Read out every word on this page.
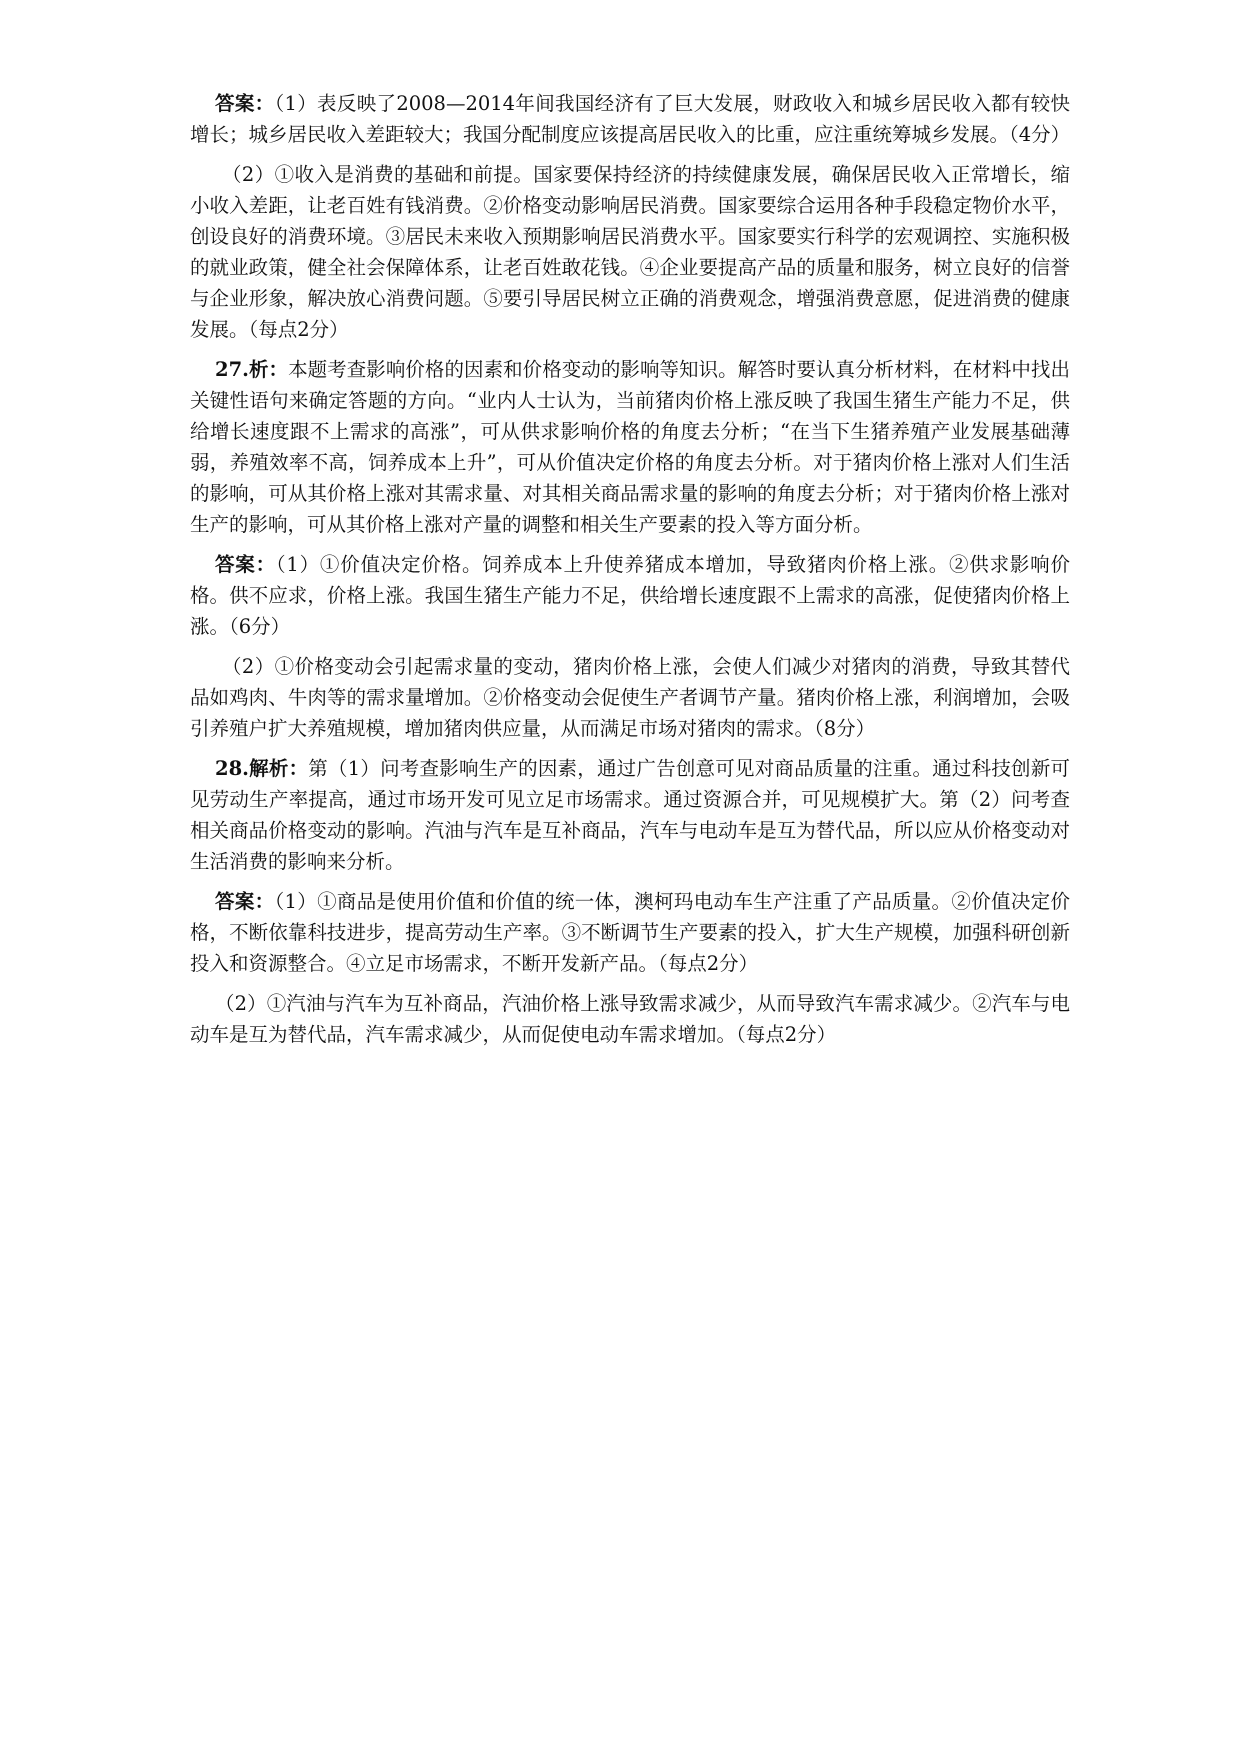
答案：（1）表反映了2008—2014年间我国经济有了巨大发展，财政收入和城乡居民收入都有较快增长；城乡居民收入差距较大；我国分配制度应该提高居民收入的比重，应注重统筹城乡发展。（4分）

（2）①收入是消费的基础和前提。国家要保持经济的持续健康发展，确保居民收入正常增长，缩小收入差距，让老百姓有钱消费。②价格变动影响居民消费。国家要综合运用各种手段稳定物价水平，创设良好的消费环境。③居民未来收入预期影响居民消费水平。国家要实行科学的宏观调控、实施积极的就业政策，健全社会保障体系，让老百姓敢花钱。④企业要提高产品的质量和服务，树立良好的信誉与企业形象，解决放心消费问题。⑤要引导居民树立正确的消费观念，增强消费意愿，促进消费的健康发展。（每点2分）

27.析：本题考查影响价格的因素和价格变动的影响等知识。解答时要认真分析材料，在材料中找出关键性语句来确定答题的方向。“业内人士认为，当前猪肉价格上涨反映了我国生猪生产能力不足，供给增长速度跟不上需求的高涨”，可从供求影响价格的角度去分析；“在当下生猪养殖产业发展基础薄弱，养殖效率不高，饲养成本上升”，可从价值决定价格的角度去分析。对于猪肉价格上涨对人们生活的影响，可从其价格上涨对其需求量、对其相关商品需求量的影响的角度去分析；对于猪肉价格上涨对生产的影响，可从其价格上涨对产量的调整和相关生产要素的投入等方面分析。

答案：（1）①价值决定价格。饲养成本上升使养猪成本增加，导致猪肉价格上涨。②供求影响价格。供不应求，价格上涨。我国生猪生产能力不足，供给增长速度跟不上需求的高涨，促使猪肉价格上涨。（6分）

（2）①价格变动会引起需求量的变动，猪肉价格上涨，会使人们减少对猪肉的消费，导致其替代品如鸡肉、牛肉等的需求量增加。②价格变动会促使生产者调节产量。猪肉价格上涨，利润增加，会吸引养殖户扩大养殖规模，增加猪肉供应量，从而满足市场对猪肉的需求。（8分）

28.解析：第（1）问考查影响生产的因素，通过广告创意可见对商品质量的注重。通过科技创新可见劳动生产率提高，通过市场开发可见立足市场需求。通过资源合并，可见规模扩大。第（2）问考查相关商品价格变动的影响。汽油与汽车是互补商品，汽车与电动车是互为替代品，所以应从价格变动对生活消费的影响来分析。

答案：（1）①商品是使用价值和价值的统一体，澳柯玛电动车生产注重了产品质量。②价值决定价格，不断依靠科技进步，提高劳动生产率。③不断调节生产要素的投入，扩大生产规模，加强科研创新投入和资源整合。④立足市场需求，不断开发新产品。（每点2分）

（2）①汽油与汽车为互补商品，汽油价格上涨导致需求减少，从而导致汽车需求减少。②汽车与电动车是互为替代品，汽车需求减少，从而促使电动车需求增加。（每点2分）
